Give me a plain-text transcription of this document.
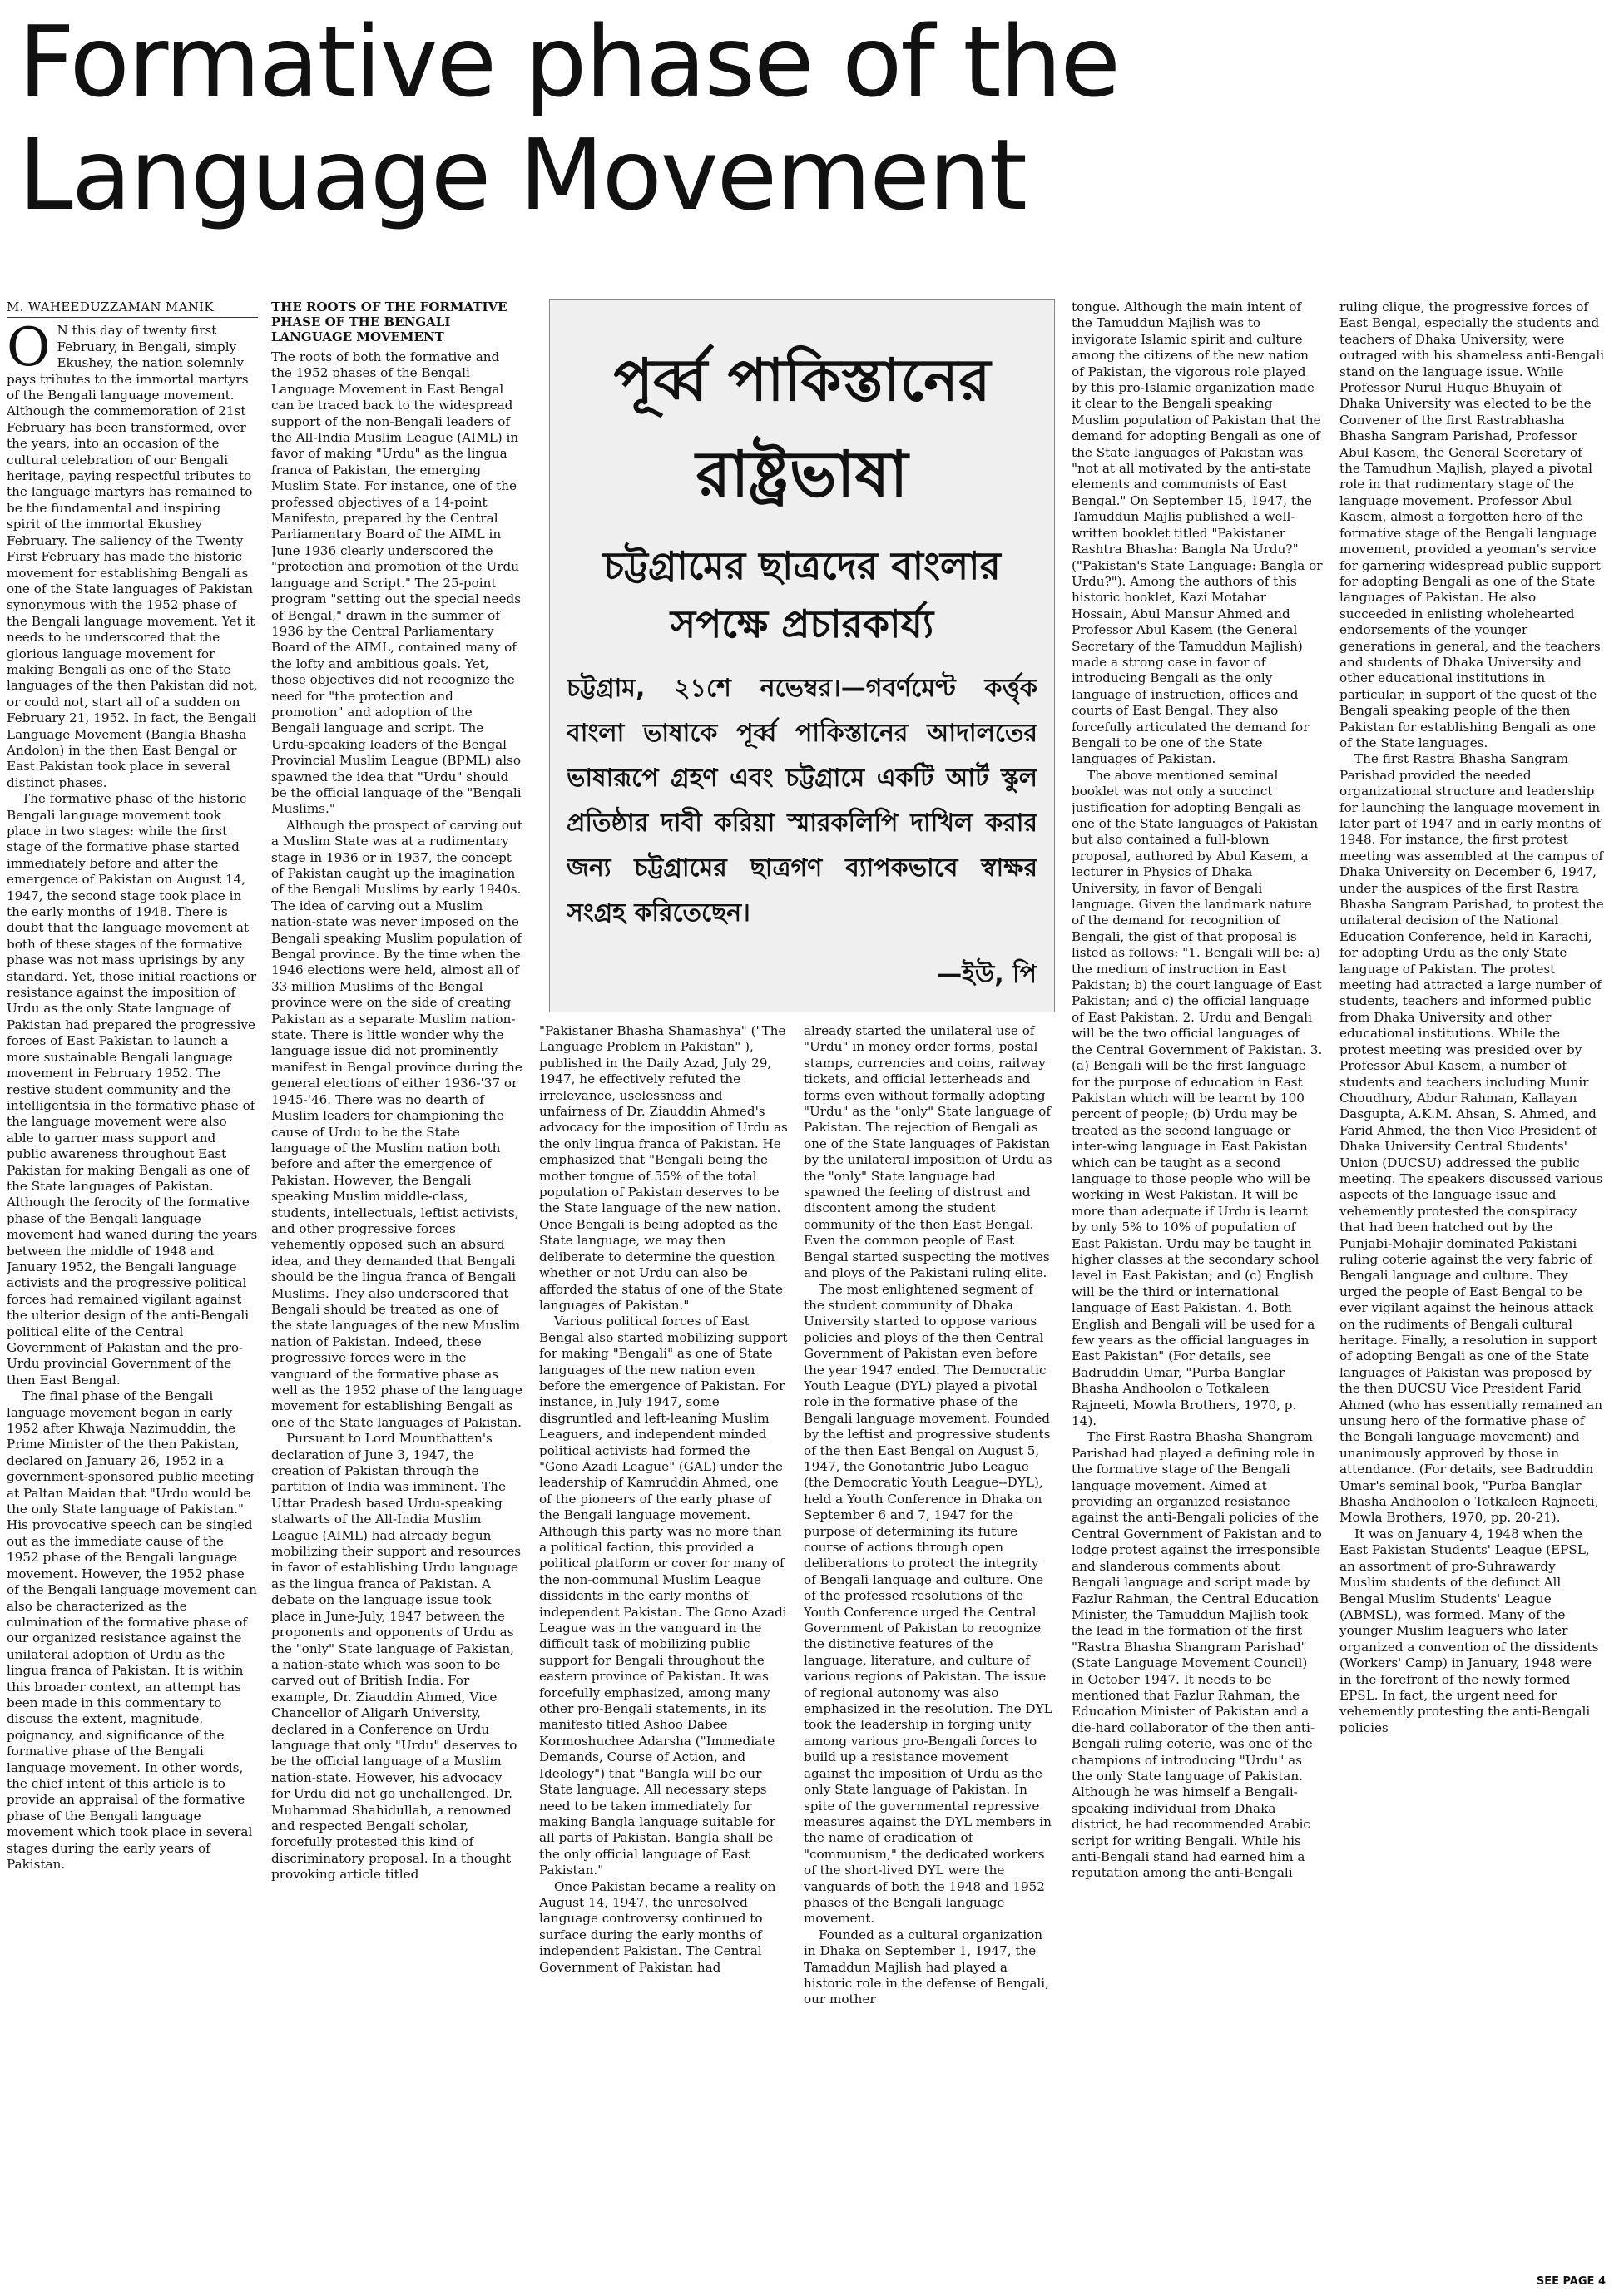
Formative phase of the
Language Movement
M. WAHEEDUZZAMAN MANIK

O N this day of twenty first February, in Bengali, simply Ekushey, the nation solemnly pays tributes to the immortal martyrs of the Bengali language movement. Although the commemoration of 21st February has been transformed, over the years, into an occasion of the cultural celebration of our Bengali heritage, paying respectful tributes to the language martyrs has remained to be the fundamental and inspiring spirit of the immortal Ekushey February. The saliency of the Twenty First February has made the historic movement for establishing Bengali as one of the State languages of Pakistan synonymous with the 1952 phase of the Bengali language movement. Yet it needs to be underscored that the glorious language movement for making Bengali as one of the State languages of the then Pakistan did not, or could not, start all of a sudden on February 21, 1952. In fact, the Bengali Language Movement (Bangla Bhasha Andolon) in the then East Bengal or East Pakistan took place in several distinct phases.

The formative phase of the historic Bengali language movement took place in two stages: while the first stage of the formative phase started immediately before and after the emergence of Pakistan on August 14, 1947, the second stage took place in the early months of 1948. There is doubt that the language movement at both of these stages of the formative phase was not mass uprisings by any standard. Yet, those initial reactions or resistance against the imposition of Urdu as the only State language of Pakistan had prepared the progressive forces of East Pakistan to launch a more sustainable Bengali language movement in February 1952. The restive student community and the intelligentsia in the formative phase of the language movement were also able to garner mass support and public awareness throughout East Pakistan for making Bengali as one of the State languages of Pakistan. Although the ferocity of the formative phase of the Bengali language movement had waned during the years between the middle of 1948 and January 1952, the Bengali language activists and the progressive political forces had remained vigilant against the ulterior design of the anti-Bengali political elite of the Central Government of Pakistan and the pro-Urdu provincial Government of the then East Bengal.

The final phase of the Bengali language movement began in early 1952 after Khwaja Nazimuddin, the Prime Minister of the then Pakistan, declared on January 26, 1952 in a government-sponsored public meeting at Paltan Maidan that "Urdu would be the only State language of Pakistan." His provocative speech can be singled out as the immediate cause of the 1952 phase of the Bengali language movement. However, the 1952 phase of the Bengali language movement can also be characterized as the culmination of the formative phase of our organized resistance against the unilateral adoption of Urdu as the lingua franca of Pakistan. It is within this broader context, an attempt has been made in this commentary to discuss the extent, magnitude, poignancy, and significance of the formative phase of the Bengali language movement. In other words, the chief intent of this article is to provide an appraisal of the formative phase of the Bengali language movement which took place in several stages during the early years of Pakistan.

THE ROOTS OF THE FORMATIVE PHASE OF THE BENGALI LANGUAGE MOVEMENT

The roots of both the formative and the 1952 phases of the Bengali Language Movement in East Bengal can be traced back to the widespread support of the non-Bengali leaders of the All-India Muslim League (AIML) in favor of making "Urdu" as the lingua franca of Pakistan, the emerging Muslim State. For instance, one of the professed objectives of a 14-point Manifesto, prepared by the Central Parliamentary Board of the AIML in June 1936 clearly underscored the "protection and promotion of the Urdu language and Script." The 25-point program "setting out the special needs of Bengal," drawn in the summer of 1936 by the Central Parliamentary Board of the AIML, contained many of the lofty and ambitious goals. Yet, those objectives did not recognize the need for "the protection and promotion" and adoption of the Bengali language and script. The Urdu-speaking leaders of the Bengal Provincial Muslim League (BPML) also spawned the idea that "Urdu" should be the official language of the "Bengali Muslims."

Although the prospect of carving out a Muslim State was at a rudimentary stage in 1936 or in 1937, the concept of Pakistan caught up the imagination of the Bengali Muslims by early 1940s. The idea of carving out a Muslim nation-state was never imposed on the Bengali speaking Muslim population of Bengal province. By the time when the 1946 elections were held, almost all of 33 million Muslims of the Bengal province were on the side of creating Pakistan as a separate Muslim nation-state. There is little wonder why the language issue did not prominently manifest in Bengal province during the general elections of either 1936-'37 or 1945-'46. There was no dearth of Muslim leaders for championing the cause of Urdu to be the State language of the Muslim nation both before and after the emergence of Pakistan. However, the Bengali speaking Muslim middle-class, students, intellectuals, leftist activists, and other progressive forces vehemently opposed such an absurd idea, and they demanded that Bengali should be the lingua franca of Bengali Muslims. They also underscored that Bengali should be treated as one of the state languages of the new Muslim nation of Pakistan. Indeed, these progressive forces were in the vanguard of the formative phase as well as the 1952 phase of the language movement for establishing Bengali as one of the State languages of Pakistan.

Pursuant to Lord Mountbatten's declaration of June 3, 1947, the creation of Pakistan through the partition of India was imminent. The Uttar Pradesh based Urdu-speaking stalwarts of the All-India Muslim League (AIML) had already begun mobilizing their support and resources in favor of establishing Urdu language as the lingua franca of Pakistan. A debate on the language issue took place in June-July, 1947 between the proponents and opponents of Urdu as the "only" State language of Pakistan, a nation-state which was soon to be carved out of British India. For example, Dr. Ziauddin Ahmed, Vice Chancellor of Aligarh University, declared in a Conference on Urdu language that only "Urdu" deserves to be the official language of a Muslim nation-state. However, his advocacy for Urdu did not go unchallenged. Dr. Muhammad Shahidullah, a renowned and respected Bengali scholar, forcefully protested this kind of discriminatory proposal. In a thought provoking article titled

পূর্ব্ব পাকিস্তানের
রাষ্ট্রভাষা
চট্টগ্রামের ছাত্রদের বাংলার
সপক্ষে প্রচারকার্য্য
চট্টগ্রাম, ২১শে নভেম্বর।—গবর্ণমেণ্ট কর্ত্তৃক বাংলা ভাষাকে পূর্ব্ব পাকিস্তানের আদালতের ভাষারূপে গ্রহণ এবং চট্টগ্রামে একটি আর্ট স্কুল প্রতিষ্ঠার দাবী করিয়া স্মারকলিপি দাখিল করার জন্য চট্টগ্রামের ছাত্রগণ ব্যাপকভাবে স্বাক্ষর সংগ্রহ করিতেছেন।
—ইউ, পি

"Pakistaner Bhasha Shamashya" ("The Language Problem in Pakistan" ), published in the Daily Azad, July 29, 1947, he effectively refuted the irrelevance, uselessness and unfairness of Dr. Ziauddin Ahmed's advocacy for the imposition of Urdu as the only lingua franca of Pakistan. He emphasized that "Bengali being the mother tongue of 55% of the total population of Pakistan deserves to be the State language of the new nation. Once Bengali is being adopted as the State language, we may then deliberate to determine the question whether or not Urdu can also be afforded the status of one of the State languages of Pakistan."

Various political forces of East Bengal also started mobilizing support for making "Bengali" as one of State languages of the new nation even before the emergence of Pakistan. For instance, in July 1947, some disgruntled and left-leaning Muslim Leaguers, and independent minded political activists had formed the "Gono Azadi League" (GAL) under the leadership of Kamruddin Ahmed, one of the pioneers of the early phase of the Bengali language movement. Although this party was no more than a political faction, this provided a political platform or cover for many of the non-communal Muslim League dissidents in the early months of independent Pakistan. The Gono Azadi League was in the vanguard in the difficult task of mobilizing public support for Bengali throughout the eastern province of Pakistan. It was forcefully emphasized, among many other pro-Bengali statements, in its manifesto titled Ashoo Dabee Kormoshuchee Adarsha ("Immediate Demands, Course of Action, and Ideology") that "Bangla will be our State language. All necessary steps need to be taken immediately for making Bangla language suitable for all parts of Pakistan. Bangla shall be the only official language of East Pakistan."

Once Pakistan became a reality on August 14, 1947, the unresolved language controversy continued to surface during the early months of independent Pakistan. The Central Government of Pakistan had

already started the unilateral use of "Urdu" in money order forms, postal stamps, currencies and coins, railway tickets, and official letterheads and forms even without formally adopting "Urdu" as the "only" State language of Pakistan. The rejection of Bengali as one of the State languages of Pakistan by the unilateral imposition of Urdu as the "only" State language had spawned the feeling of distrust and discontent among the student community of the then East Bengal. Even the common people of East Bengal started suspecting the motives and ploys of the Pakistani ruling elite.

The most enlightened segment of the student community of Dhaka University started to oppose various policies and ploys of the then Central Government of Pakistan even before the year 1947 ended. The Democratic Youth League (DYL) played a pivotal role in the formative phase of the Bengali language movement. Founded by the leftist and progressive students of the then East Bengal on August 5, 1947, the Gonotantric Jubo League (the Democratic Youth League--DYL), held a Youth Conference in Dhaka on September 6 and 7, 1947 for the purpose of determining its future course of actions through open deliberations to protect the integrity of Bengali language and culture. One of the professed resolutions of the Youth Conference urged the Central Government of Pakistan to recognize the distinctive features of the language, literature, and culture of various regions of Pakistan. The issue of regional autonomy was also emphasized in the resolution. The DYL took the leadership in forging unity among various pro-Bengali forces to build up a resistance movement against the imposition of Urdu as the only State language of Pakistan. In spite of the governmental repressive measures against the DYL members in the name of eradication of "communism," the dedicated workers of the short-lived DYL were the vanguards of both the 1948 and 1952 phases of the Bengali language movement.

Founded as a cultural organization in Dhaka on September 1, 1947, the Tamaddun Majlish had played a historic role in the defense of Bengali, our mother

tongue. Although the main intent of the Tamuddun Majlish was to invigorate Islamic spirit and culture among the citizens of the new nation of Pakistan, the vigorous role played by this pro-Islamic organization made it clear to the Bengali speaking Muslim population of Pakistan that the demand for adopting Bengali as one of the State languages of Pakistan was "not at all motivated by the anti-state elements and communists of East Bengal." On September 15, 1947, the Tamuddun Majlis published a well-written booklet titled "Pakistaner Rashtra Bhasha: Bangla Na Urdu?" ("Pakistan's State Language: Bangla or Urdu?"). Among the authors of this historic booklet, Kazi Motahar Hossain, Abul Mansur Ahmed and Professor Abul Kasem (the General Secretary of the Tamuddun Majlish) made a strong case in favor of introducing Bengali as the only language of instruction, offices and courts of East Bengal. They also forcefully articulated the demand for Bengali to be one of the State languages of Pakistan.

The above mentioned seminal booklet was not only a succinct justification for adopting Bengali as one of the State languages of Pakistan but also contained a full-blown proposal, authored by Abul Kasem, a lecturer in Physics of Dhaka University, in favor of Bengali language. Given the landmark nature of the demand for recognition of Bengali, the gist of that proposal is listed as follows: "1. Bengali will be: a) the medium of instruction in East Pakistan; b) the court language of East Pakistan; and c) the official language of East Pakistan. 2. Urdu and Bengali will be the two official languages of the Central Government of Pakistan. 3. (a) Bengali will be the first language for the purpose of education in East Pakistan which will be learnt by 100 percent of people; (b) Urdu may be treated as the second language or inter-wing language in East Pakistan which can be taught as a second language to those people who will be working in West Pakistan. It will be more than adequate if Urdu is learnt by only 5% to 10% of population of East Pakistan. Urdu may be taught in higher classes at the secondary school level in East Pakistan; and (c) English will be the third or international language of East Pakistan. 4. Both English and Bengali will be used for a few years as the official languages in East Pakistan" (For details, see Badruddin Umar, "Purba Banglar Bhasha Andhoolon o Totkaleen Rajneeti, Mowla Brothers, 1970, p. 14).

The First Rastra Bhasha Shangram Parishad had played a defining role in the formative stage of the Bengali language movement. Aimed at providing an organized resistance against the anti-Bengali policies of the Central Government of Pakistan and to lodge protest against the irresponsible and slanderous comments about Bengali language and script made by Fazlur Rahman, the Central Education Minister, the Tamuddun Majlish took the lead in the formation of the first "Rastra Bhasha Shangram Parishad" (State Language Movement Council) in October 1947. It needs to be mentioned that Fazlur Rahman, the Education Minister of Pakistan and a die-hard collaborator of the then anti-Bengali ruling coterie, was one of the champions of introducing "Urdu" as the only State language of Pakistan. Although he was himself a Bengali-speaking individual from Dhaka district, he had recommended Arabic script for writing Bengali. While his anti-Bengali stand had earned him a reputation among the anti-Bengali

ruling clique, the progressive forces of East Bengal, especially the students and teachers of Dhaka University, were outraged with his shameless anti-Bengali stand on the language issue. While Professor Nurul Huque Bhuyain of Dhaka University was elected to be the Convener of the first Rastrabhasha Bhasha Sangram Parishad, Professor Abul Kasem, the General Secretary of the Tamudhun Majlish, played a pivotal role in that rudimentary stage of the language movement. Professor Abul Kasem, almost a forgotten hero of the formative stage of the Bengali language movement, provided a yeoman's service for garnering widespread public support for adopting Bengali as one of the State languages of Pakistan. He also succeeded in enlisting wholehearted endorsements of the younger generations in general, and the teachers and students of Dhaka University and other educational institutions in particular, in support of the quest of the Bengali speaking people of the then Pakistan for establishing Bengali as one of the State languages.

The first Rastra Bhasha Sangram Parishad provided the needed organizational structure and leadership for launching the language movement in later part of 1947 and in early months of 1948. For instance, the first protest meeting was assembled at the campus of Dhaka University on December 6, 1947, under the auspices of the first Rastra Bhasha Sangram Parishad, to protest the unilateral decision of the National Education Conference, held in Karachi, for adopting Urdu as the only State language of Pakistan. The protest meeting had attracted a large number of students, teachers and informed public from Dhaka University and other educational institutions. While the protest meeting was presided over by Professor Abul Kasem, a number of students and teachers including Munir Choudhury, Abdur Rahman, Kallayan Dasgupta, A.K.M. Ahsan, S. Ahmed, and Farid Ahmed, the then Vice President of Dhaka University Central Students' Union (DUCSU) addressed the public meeting. The speakers discussed various aspects of the language issue and vehemently protested the conspiracy that had been hatched out by the Punjabi-Mohajir dominated Pakistani ruling coterie against the very fabric of Bengali language and culture. They urged the people of East Bengal to be ever vigilant against the heinous attack on the rudiments of Bengali cultural heritage. Finally, a resolution in support of adopting Bengali as one of the State languages of Pakistan was proposed by the then DUCSU Vice President Farid Ahmed (who has essentially remained an unsung hero of the formative phase of the Bengali language movement) and unanimously approved by those in attendance. (For details, see Badruddin Umar's seminal book, "Purba Banglar Bhasha Andhoolon o Totkaleen Rajneeti, Mowla Brothers, 1970, pp. 20-21).

It was on January 4, 1948 when the East Pakistan Students' League (EPSL, an assortment of pro-Suhrawardy Muslim students of the defunct All Bengal Muslim Students' League (ABMSL), was formed. Many of the younger Muslim leaguers who later organized a convention of the dissidents (Workers' Camp) in January, 1948 were in the forefront of the newly formed EPSL. In fact, the urgent need for vehemently protesting the anti-Bengali policies

SEE PAGE 4
